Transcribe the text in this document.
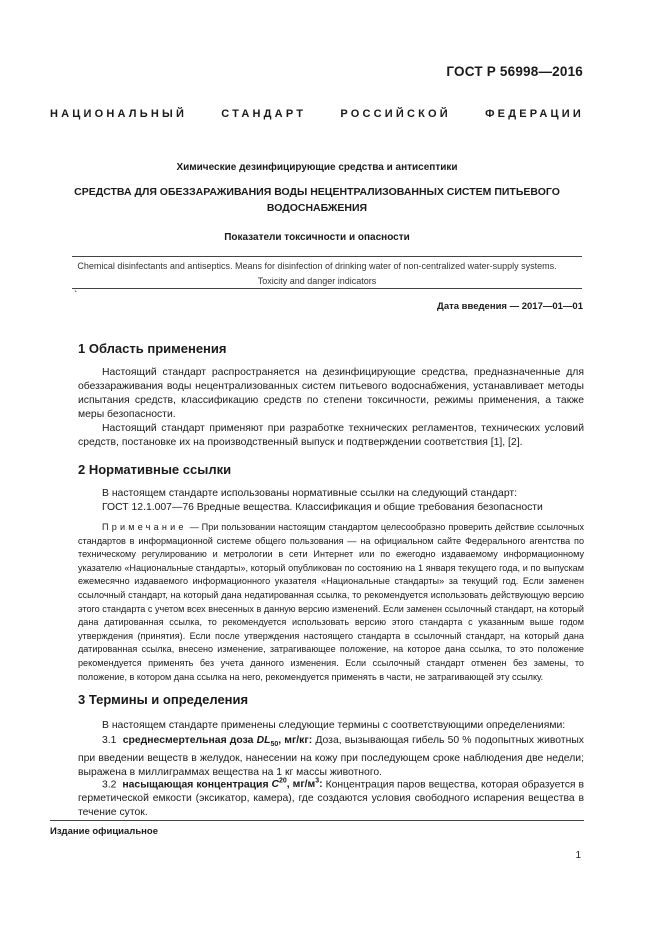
ГОСТ Р 56998—2016
НАЦИОНАЛЬНЫЙ	СТАНДАРТ	РОССИЙСКОЙ	ФЕДЕРАЦИИ
Химические дезинфицирующие средства и антисептики
СРЕДСТВА ДЛЯ ОБЕЗЗАРАЖИВАНИЯ ВОДЫ НЕЦЕНТРАЛИЗОВАННЫХ СИСТЕМ ПИТЬЕВОГО ВОДОСНАБЖЕНИЯ
Показатели токсичности и опасности
Chemical disinfectants and antiseptics. Means for disinfection of drinking water of non-centralized water-supply systems.
Toxicity and danger indicators
`
Дата введения — 2017—01—01
1 Область применения
Настоящий стандарт распространяется на дезинфицирующие средства, предназначенные для обеззараживания воды нецентрализованных систем питьевого водоснабжения, устанавливает методы испытания средств, классификацию средств по степени токсичности, режимы применения, а также меры безопасности.
Настоящий стандарт применяют при разработке технических регламентов, технических условий средств, постановке их на производственный выпуск и подтверждении соответствия [1], [2].
2 Нормативные ссылки
В настоящем стандарте использованы нормативные ссылки на следующий стандарт:
ГОСТ 12.1.007—76 Вредные вещества. Классификация и общие требования безопасности
Примечание — При пользовании настоящим стандартом целесообразно проверить действие ссылочных стандартов в информационной системе общего пользования — на официальном сайте Федерального агентства по техническому регулированию и метрологии в сети Интернет или по ежегодно издаваемому информационному указателю «Национальные стандарты», который опубликован по состоянию на 1 января текущего года, и по выпускам ежемесячно издаваемого информационного указателя «Национальные стандарты» за текущий год. Если заменен ссылочный стандарт, на который дана недатированная ссылка, то рекомендуется использовать действующую версию этого стандарта с учетом всех внесенных в данную версию изменений. Если заменен ссылочный стандарт, на который дана датированная ссылка, то рекомендуется использовать версию этого стандарта с указанным выше годом утверждения (принятия). Если после утверждения настоящего стандарта в ссылочный стандарт, на который дана датированная ссылка, внесено изменение, затрагивающее положение, на которое дана ссылка, то это положение рекомендуется применять без учета данного изменения. Если ссылочный стандарт отменен без замены, то положение, в котором дана ссылка на него, рекомендуется применять в части, не затрагивающей эту ссылку.
3 Термины и определения
В настоящем стандарте применены следующие термины с соответствующими определениями:
3.1 среднесмертельная доза $DL_{50}$, мг/кг: Доза, вызывающая гибель 50 % подопытных животных при введении веществ в желудок, нанесении на кожу при последующем сроке наблюдения две недели; выражена в миллиграммах вещества на 1 кг массы животного.
3.2 насыщающая концентрация $C^{20}$, $мг/м^3$: Концентрация паров вещества, которая образуется в герметической емкости (эксикатор, камера), где создаются условия свободного испарения вещества в течение суток.
Издание официальное
1
